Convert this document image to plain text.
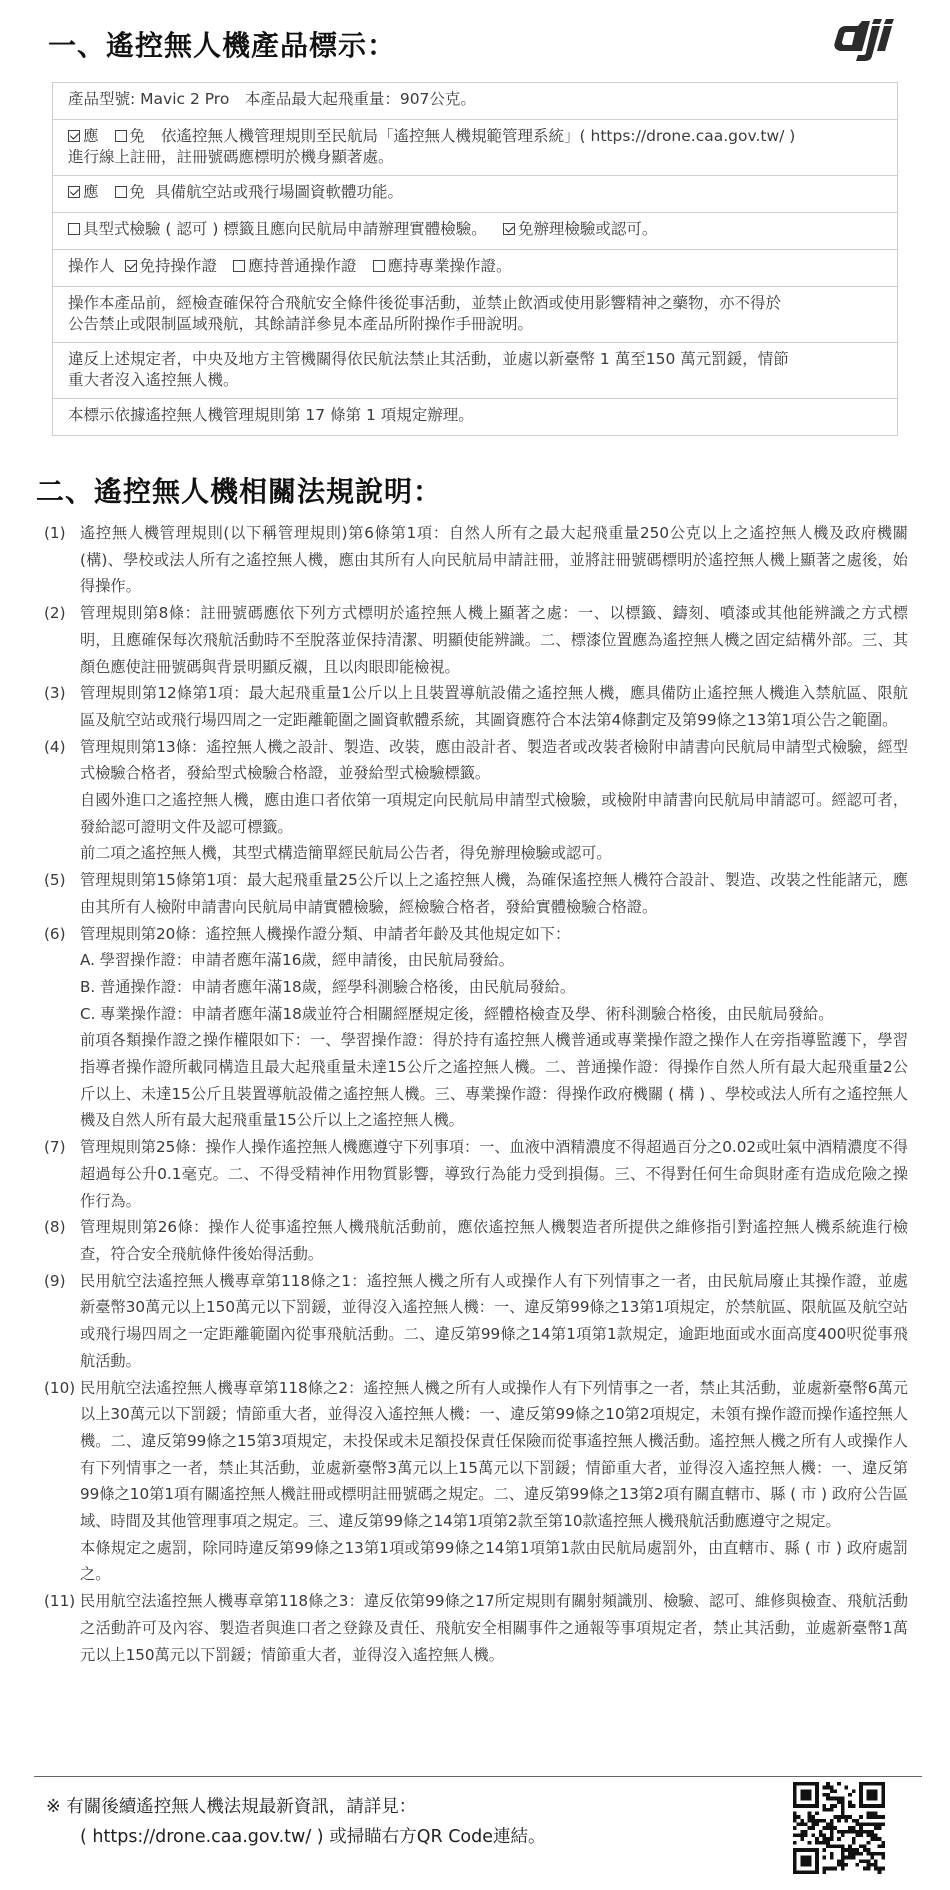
一、遙控無人機產品標示：
產品型號: Mavic 2 Pro　本產品最大起飛重量：907公克。
應 免 依遙控無人機管理規則至民航局「遙控無人機規範管理系統」( https://drone.caa.gov.tw/ )
進行線上註冊，註冊號碼應標明於機身顯著處。
應 免 具備航空站或飛行場圖資軟體功能。
具型式檢驗 ( 認可 ) 標籤且應向民航局申請辦理實體檢驗。 免辦理檢驗或認可。
操作人 免持操作證 應持普通操作證 應持專業操作證。
操作本產品前，經檢查確保符合飛航安全條件後從事活動，並禁止飲酒或使用影響精神之藥物，亦不得於
公告禁止或限制區域飛航，其餘請詳參見本產品所附操作手冊說明。
違反上述規定者，中央及地方主管機關得依民航法禁止其活動，並處以新臺幣 1 萬至150 萬元罰鍰，情節
重大者沒入遙控無人機。
本標示依據遙控無人機管理規則第 17 條第 1 項規定辦理。
二、遙控無人機相關法規說明：
(1) 遙控無人機管理規則(以下稱管理規則)第6條第1項：自然人所有之最大起飛重量250公克以上之遙控無人機及政府機關(構)、學校或法人所有之遙控無人機，應由其所有人向民航局申請註冊，並將註冊號碼標明於遙控無人機上顯著之處後，始得操作。

(2) 管理規則第8條：註冊號碼應依下列方式標明於遙控無人機上顯著之處：一、以標籤、鑄刻、噴漆或其他能辨識之方式標明，且應確保每次飛航活動時不至脫落並保持清潔、明顯使能辨識。二、標漆位置應為遙控無人機之固定結構外部。三、其顏色應使註冊號碼與背景明顯反襯，且以肉眼即能檢視。

(3) 管理規則第12條第1項：最大起飛重量1公斤以上且裝置導航設備之遙控無人機，應具備防止遙控無人機進入禁航區、限航區及航空站或飛行場四周之一定距離範圍之圖資軟體系統，其圖資應符合本法第4條劃定及第99條之13第1項公告之範圍。

(4) 管理規則第13條：遙控無人機之設計、製造、改裝，應由設計者、製造者或改裝者檢附申請書向民航局申請型式檢驗，經型式檢驗合格者，發給型式檢驗合格證，並發給型式檢驗標籤。

自國外進口之遙控無人機，應由進口者依第一項規定向民航局申請型式檢驗，或檢附申請書向民航局申請認可。經認可者，發給認可證明文件及認可標籤。

前二項之遙控無人機，其型式構造簡單經民航局公告者，得免辦理檢驗或認可。

(5) 管理規則第15條第1項：最大起飛重量25公斤以上之遙控無人機，為確保遙控無人機符合設計、製造、改裝之性能諸元，應由其所有人檢附申請書向民航局申請實體檢驗，經檢驗合格者，發給實體檢驗合格證。

(6) 管理規則第20條：遙控無人機操作證分類、申請者年齡及其他規定如下：

A. 學習操作證：申請者應年滿16歲，經申請後，由民航局發給。

B. 普通操作證：申請者應年滿18歲，經學科測驗合格後，由民航局發給。

C. 專業操作證：申請者應年滿18歲並符合相關經歷規定後，經體格檢查及學、術科測驗合格後，由民航局發給。

前項各類操作證之操作權限如下：一、學習操作證：得於持有遙控無人機普通或專業操作證之操作人在旁指導監護下，學習指導者操作證所載同構造且最大起飛重量未達15公斤之遙控無人機。二、普通操作證：得操作自然人所有最大起飛重量2公斤以上、未達15公斤且裝置導航設備之遙控無人機。三、專業操作證：得操作政府機關 ( 構 ) 、學校或法人所有之遙控無人機及自然人所有最大起飛重量15公斤以上之遙控無人機。

(7) 管理規則第25條：操作人操作遙控無人機應遵守下列事項：一、血液中酒精濃度不得超過百分之0.02或吐氣中酒精濃度不得超過每公升0.1毫克。二、不得受精神作用物質影響，導致行為能力受到損傷。三、不得對任何生命與財產有造成危險之操作行為。

(8) 管理規則第26條：操作人從事遙控無人機飛航活動前，應依遙控無人機製造者所提供之維修指引對遙控無人機系統進行檢查，符合安全飛航條件後始得活動。

(9) 民用航空法遙控無人機專章第118條之1：遙控無人機之所有人或操作人有下列情事之一者，由民航局廢止其操作證，並處新臺幣30萬元以上150萬元以下罰鍰，並得沒入遙控無人機：一、違反第99條之13第1項規定，於禁航區、限航區及航空站或飛行場四周之一定距離範圍內從事飛航活動。二、違反第99條之14第1項第1款規定，逾距地面或水面高度400呎從事飛航活動。

(10) 民用航空法遙控無人機專章第118條之2：遙控無人機之所有人或操作人有下列情事之一者，禁止其活動，並處新臺幣6萬元以上30萬元以下罰鍰；情節重大者，並得沒入遙控無人機：一、違反第99條之10第2項規定，未領有操作證而操作遙控無人機。二、違反第99條之15第3項規定，未投保或未足額投保責任保險而從事遙控無人機活動。遙控無人機之所有人或操作人有下列情事之一者，禁止其活動，並處新臺幣3萬元以上15萬元以下罰鍰；情節重大者，並得沒入遙控無人機：一、違反第99條之10第1項有關遙控無人機註冊或標明註冊號碼之規定。二、違反第99條之13第2項有關直轄市、縣 ( 市 ) 政府公告區域、時間及其他管理事項之規定。三、違反第99條之14第1項第2款至第10款遙控無人機飛航活動應遵守之規定。

本條規定之處罰，除同時違反第99條之13第1項或第99條之14第1項第1款由民航局處罰外，由直轄市、縣 ( 市 ) 政府處罰之。

(11) 民用航空法遙控無人機專章第118條之3：違反依第99條之17所定規則有關射頻識別、檢驗、認可、維修與檢查、飛航活動之活動許可及內容、製造者與進口者之登錄及責任、飛航安全相關事件之通報等事項規定者，禁止其活動，並處新臺幣1萬元以上150萬元以下罰鍰；情節重大者，並得沒入遙控無人機。

※ 有關後續遙控無人機法規最新資訊，請詳見：
( https://drone.caa.gov.tw/ ) 或掃瞄右方QR Code連結。
